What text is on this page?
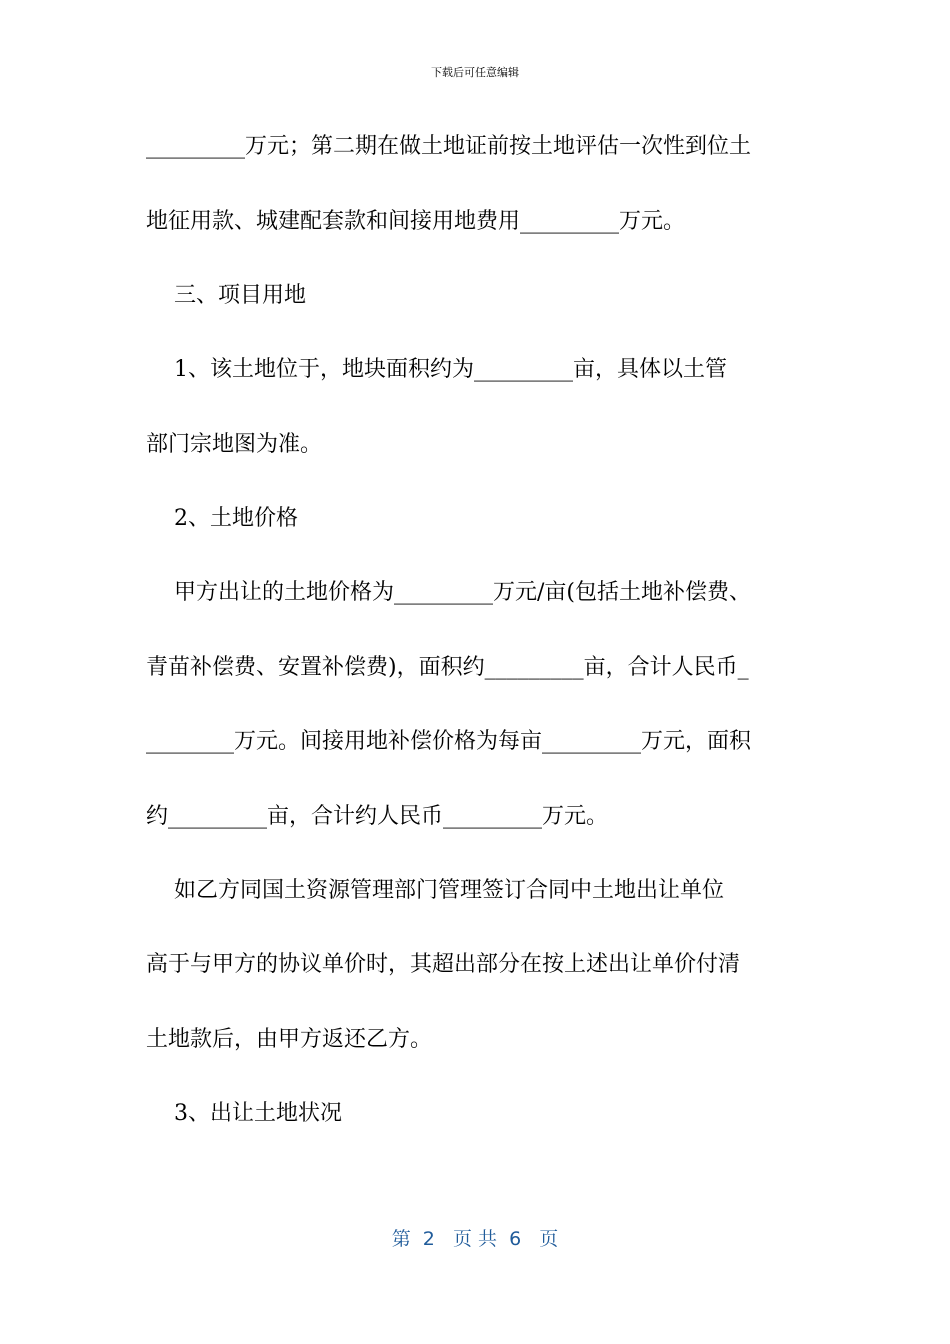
下载后可任意编辑
_________万元；第二期在做土地证前按土地评估一次性到位土
地征用款、城建配套款和间接用地费用_________万元。
三、项目用地
1、该土地位于，地块面积约为_________亩，具体以土管
部门宗地图为准。
2、土地价格
甲方出让的土地价格为_________万元/亩(包括土地补偿费、
青苗补偿费、安置补偿费)，面积约_________亩，合计人民币_
________万元。间接用地补偿价格为每亩_________万元，面积
约_________亩，合计约人民币_________万元。
如乙方同国土资源管理部门管理签订合同中土地出让单位
高于与甲方的协议单价时，其超出部分在按上述出让单价付清
土地款后，由甲方返还乙方。
3、出让土地状况
第  2   页 共  6   页
